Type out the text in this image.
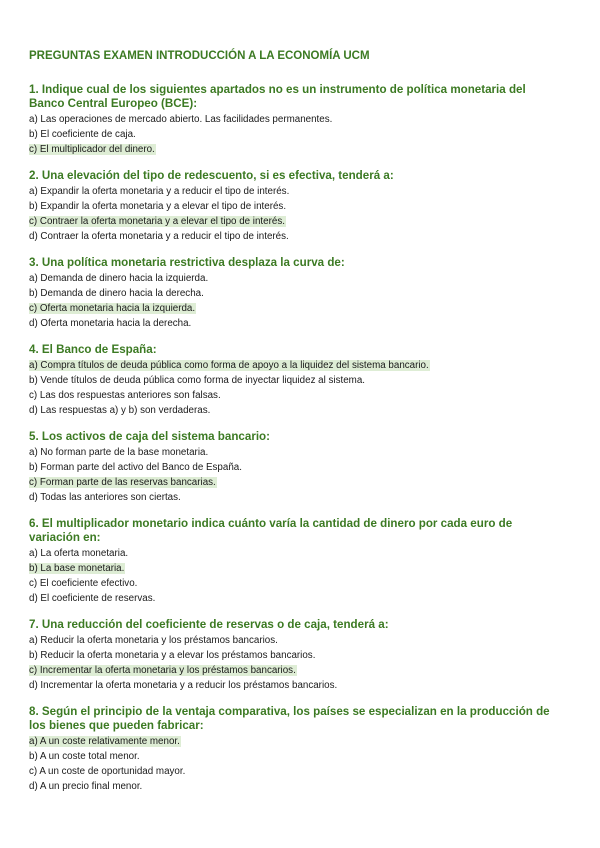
PREGUNTAS EXAMEN INTRODUCCIÓN A LA ECONOMÍA UCM
1. Indique cual de los siguientes apartados no es un instrumento de política monetaria del Banco Central Europeo (BCE):
a) Las operaciones de mercado abierto. Las facilidades permanentes.
b) El coeficiente de caja.
c) El multiplicador del dinero.
2. Una elevación del tipo de redescuento, si es efectiva, tenderá a:
a) Expandir la oferta monetaria y a reducir el tipo de interés.
b) Expandir la oferta monetaria y a elevar el tipo de interés.
c) Contraer la oferta monetaria y a elevar el tipo de interés.
d) Contraer la oferta monetaria y a reducir el tipo de interés.
3. Una política monetaria restrictiva desplaza la curva de:
a) Demanda de dinero hacia la izquierda.
b) Demanda de dinero hacia la derecha.
c) Oferta monetaria hacia la izquierda.
d) Oferta monetaria hacia la derecha.
4. El Banco de España:
a) Compra títulos de deuda pública como forma de apoyo a la liquidez del sistema bancario.
b) Vende títulos de deuda pública como forma de inyectar liquidez al sistema.
c) Las dos respuestas anteriores son falsas.
d) Las respuestas a) y b) son verdaderas.
5. Los activos de caja del sistema bancario:
a) No forman parte de la base monetaria.
b) Forman parte del activo del Banco de España.
c) Forman parte de las reservas bancarias.
d) Todas las anteriores son ciertas.
6. El multiplicador monetario indica cuánto varía la cantidad de dinero por cada euro de variación en:
a) La oferta monetaria.
b) La base monetaria.
c) El coeficiente efectivo.
d) El coeficiente de reservas.
7. Una reducción del coeficiente de reservas o de caja, tenderá a:
a) Reducir la oferta monetaria y los préstamos bancarios.
b) Reducir la oferta monetaria y a elevar los préstamos bancarios.
c) Incrementar la oferta monetaria y los préstamos bancarios.
d) Incrementar la oferta monetaria y a reducir los préstamos bancarios.
8. Según el principio de la ventaja comparativa, los países se especializan en la producción de los bienes que pueden fabricar:
a) A un coste relativamente menor.
b) A un coste total menor.
c) A un coste de oportunidad mayor.
d) A un precio final menor.
